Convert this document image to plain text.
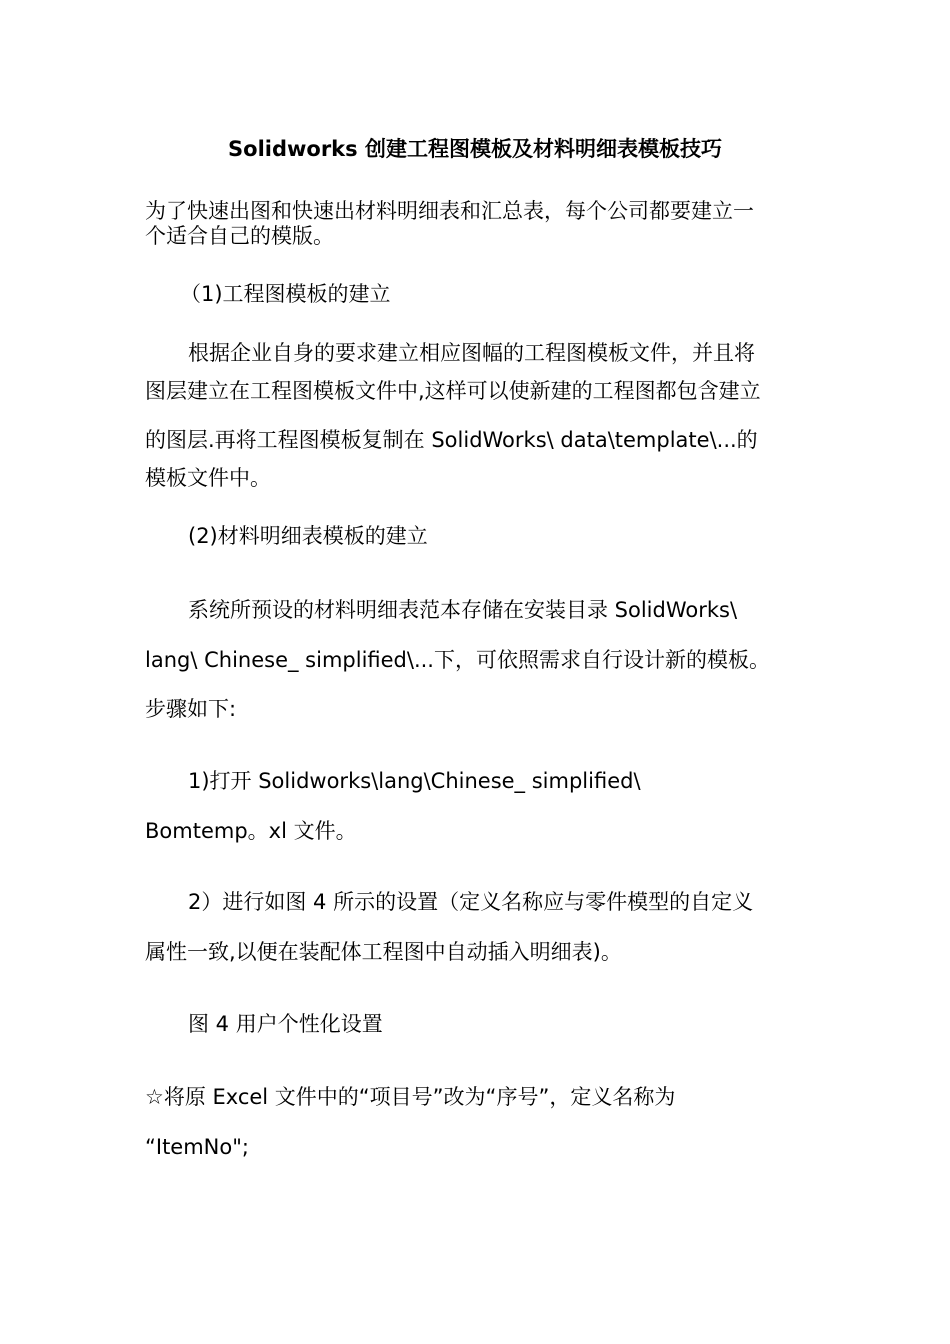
Solidworks 创建工程图模板及材料明细表模板技巧
为了快速出图和快速出材料明细表和汇总表，每个公司都要建立一
个适合自己的模版。
（1)工程图模板的建立
根据企业自身的要求建立相应图幅的工程图模板文件，并且将
图层建立在工程图模板文件中,这样可以使新建的工程图都包含建立
的图层.再将工程图模板复制在 SolidWorks\ data\template\...的
模板文件中。
(2)材料明细表模板的建立
系统所预设的材料明细表范本存储在安装目录 SolidWorks\
lang\ Chinese_ simplified\...下，可依照需求自行设计新的模板。
步骤如下:
1)打开 Solidworks\lang\Chinese_ simplified\
Bomtemp。xl 文件。
2）进行如图 4 所示的设置（定义名称应与零件模型的自定义
属性一致,以便在装配体工程图中自动插入明细表)。
图 4 用户个性化设置
☆将原 Excel 文件中的“项目号”改为“序号”，定义名称为
“ItemNo";
